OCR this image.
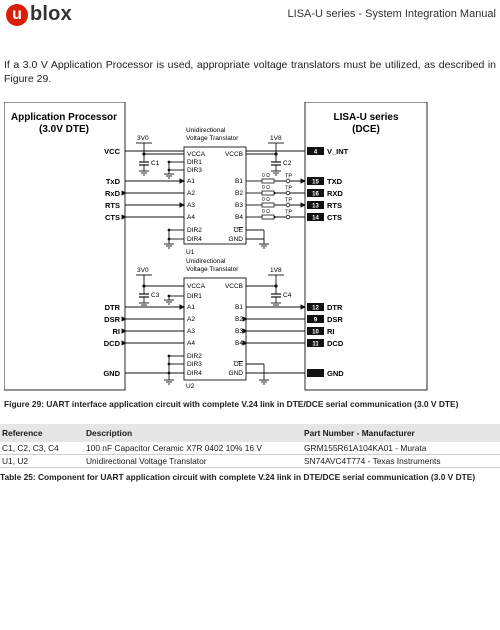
u blox	LISA-U series - System Integration Manual
If a 3.0 V Application Processor is used, appropriate voltage translators must be utilized, as described in Figure 29.
Application Processor
(3.0V DTE)
LISA-U series
(DCE)
Unidirectional
Voltage Translator
U1
Unidirectional
Voltage Translator
U2
3V0	1V8
3V0	1V8
VCCA
DIR1
DIR3
A1
A2
A3
A4
DIR2
DIR4
VCCB
B1
B2
B3
B4
OE
GND
VCCA
DIR1
A1
A2
A3
A4
DIR2
DIR3
DIR4
VCCB
B1
B2
B3
B4
OE
GND
VCC
TxD
RxD
RTS
CTS
DTR
DSR
RI
DCD
GND
4 V_INT
15 TXD
16 RXD
13 RTS
14 CTS
12 DTR
9 DSR
10 RI
11 DCD
GND
0 Ω	TP
0 Ω	TP
0 Ω	TP
0 Ω	TP
C1	C2
C3	C4
Figure 29: UART interface application circuit with complete V.24 link in DTE/DCE serial communication (3.0 V DTE)
Reference	Description	Part Number - Manufacturer
C1, C2, C3, C4	100 nF Capacitor Ceramic X7R 0402 10% 16 V	GRM155R61A104KA01 - Murata
U1, U2	Unidirectional Voltage Translator	SN74AVC4T774 - Texas Instruments
Table 25: Component for UART application circuit with complete V.24 link in DTE/DCE serial communication (3.0 V DTE)
